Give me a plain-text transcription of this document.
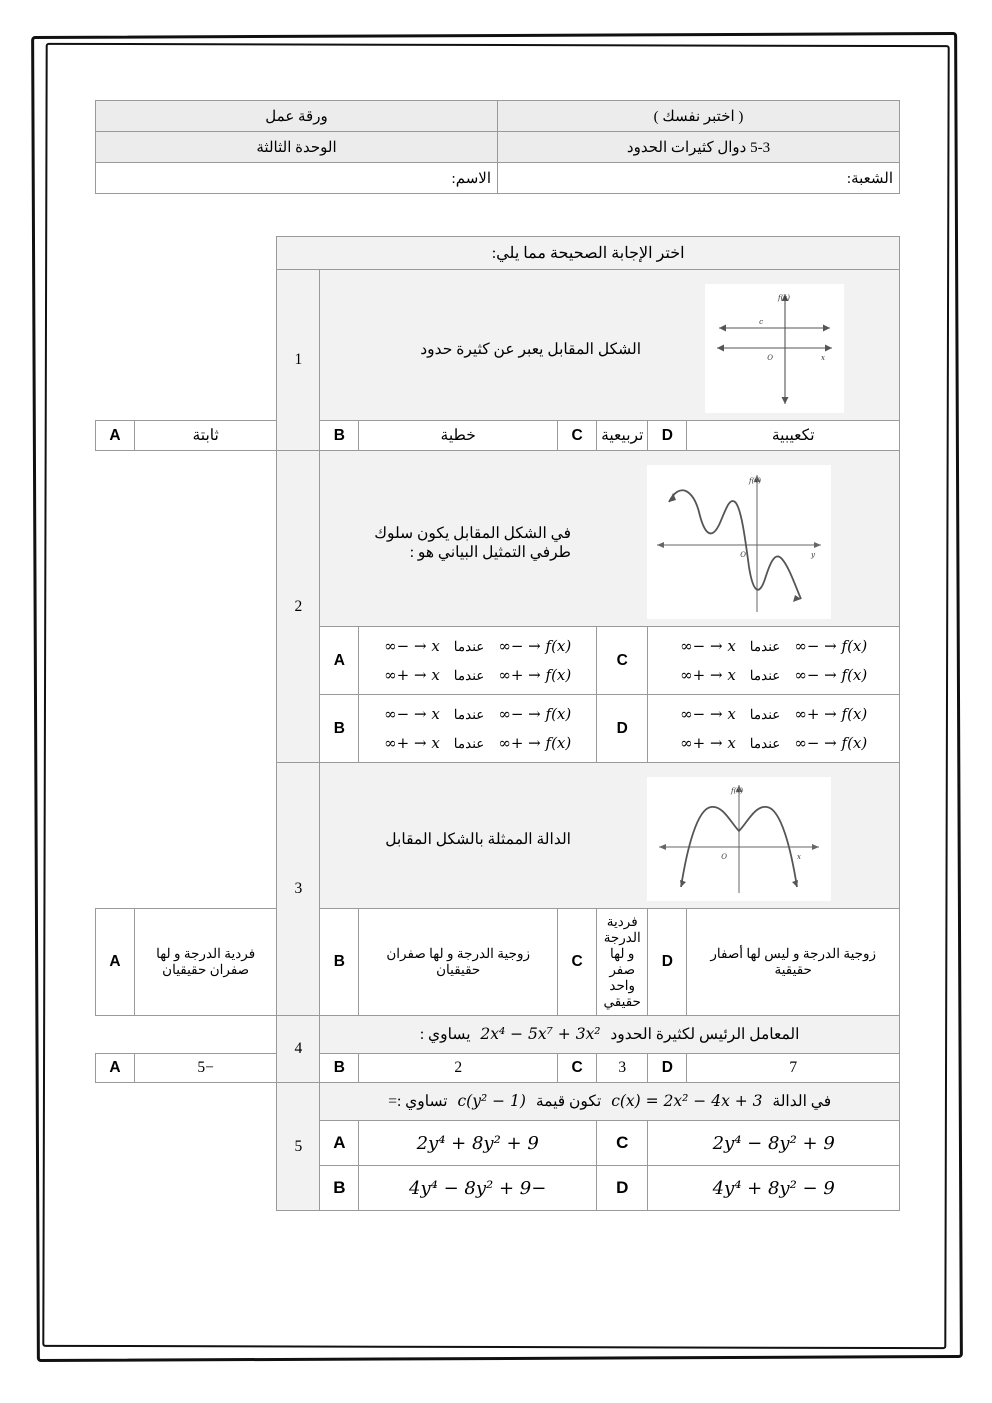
( اختبر نفسك )	ورقة عمل
5-3 دوال كثيرات الحدود	الوحدة الثالثة
الشعبة:	الاسم:
اختر الإجابة الصحيحة مما يلي:								

f(x)
x
O
c
الشكل المقابل يعبر عن كثيرة حدود						1		
تكعيبية	D	تربيعية	C	خطية	B		ثابتة	A

f(x)
y
O
في الشكل المقابل يكون سلوك طرفي التمثيل البياني هو :						2		

f(x) → −∞عندماx → −∞
f(x) → −∞عندماx → +∞
	C	
f(x) → −∞عندماx → −∞
f(x) → +∞عندماx → +∞
	A

f(x) → +∞عندماx → −∞
f(x) → −∞عندماx → +∞
	D	
f(x) → −∞عندماx → −∞
f(x) → +∞عندماx → +∞
	B

f(x)
x
O
الدالة الممثلة بالشكل المقابل						3		
زوجية الدرجة و ليس لها أصفار حقيقية	D	فردية الدرجة و لها صفر واحد حقيقي	C	زوجية الدرجة و لها صفران حقيقيان	B		فردية الدرجة و لها صفران حقيقيان	A
المعامل الرئيس لكثيرة الحدود 2x⁴ − 5x⁷ + 3x² يساوي :						4		
7	D	3	C	2	B		−5	A
في الدالة c(x) = 2x² − 4x + 3 تكون قيمة c(y² − 1) تساوي :=						5		
2y⁴ − 8y² + 9		C	2y⁴ + 8y² + 9		A			
4y⁴ + 8y² − 9		D	−4y⁴ − 8y² + 9		B			
